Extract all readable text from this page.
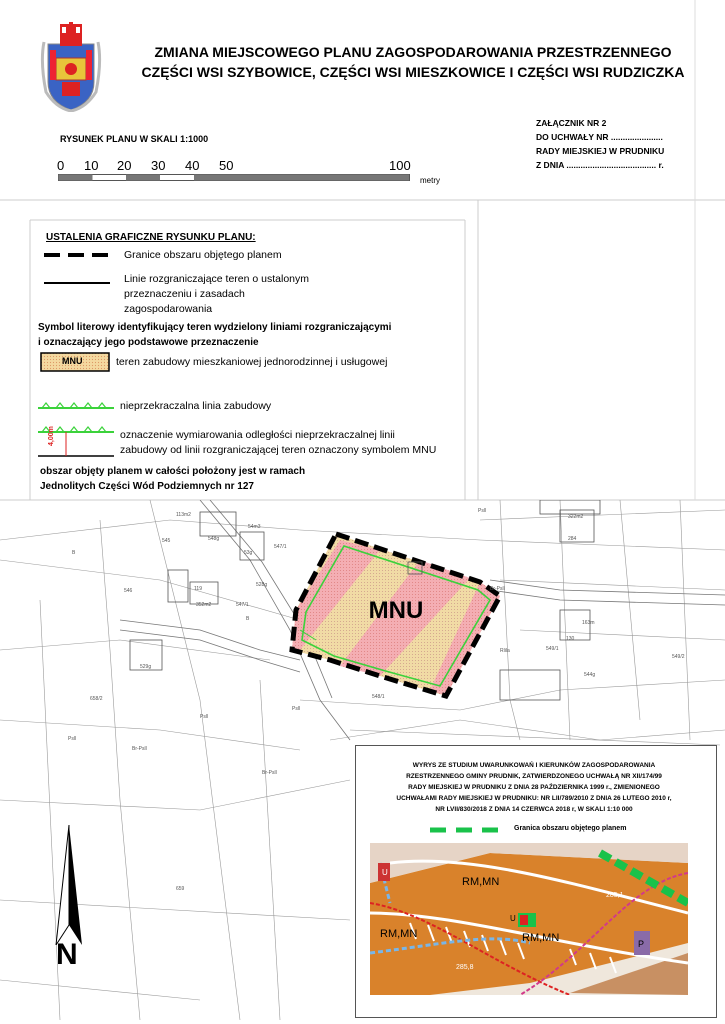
ZMIANA MIEJSCOWEGO PLANU ZAGOSPODAROWANIA PRZESTRZENNEGO
CZĘŚCI WSI SZYBOWICE, CZĘŚCI WSI MIESZKOWICE I CZĘŚCI WSI RUDZICZKA
ZAŁĄCZNIK NR 2
DO UCHWAŁY NR ......................
RADY MIEJSKIEJ W PRUDNIKU
Z DNIA ...................................... r.
RYSUNEK PLANU W SKALI 1:1000
0 10 20 30 40 50	100
metry
USTALENIA GRAFICZNE RYSUNKU PLANU:
Granice obszaru objętego planem
Linie rozgraniczające teren o ustalonym
przeznaczeniu i zasadach
zagospodarowania
Symbol literowy identyfikujący teren wydzielony liniami rozgraniczającymi
i oznaczający jego podstawowe przeznaczenie
MNU	teren zabudowy mieszkaniowej jednorodzinnej i usługowej
nieprzekraczalna linia zabudowy
4,00m	oznaczenie wymiarowania odległości nieprzekraczalnej linii
zabudowy od linii rozgraniczającej teren oznaczony symbolem MNU
obszar objęty planem w całości położony jest w ramach
Jednolitych Części Wód Podziemnych nr 127
113m2
54m3
548g
53g
547/1
528g
546	119
352m2	547/1
529g
658/2
Psll
Br-Psll
659
Psll
Br-Psll
322m2
284
163m
130
549/2
549/1
544g
Rlila
Psll
Br-Psll
B
B
Psll
545
548/1
MNU
WYRYS ZE STUDIUM UWARUNKOWAŃ I KIERUNKÓW ZAGOSPODAROWANIA
RZESTRZENNEGO GMINY PRUDNIK, ZATWIERDZONEGO UCHWAŁĄ NR XII/174/99
RADY MIEJSKIEJ W PRUDNIKU Z DNIA 28 PAŹDZIERNIKA 1999 r., ZMIENIONEGO
UCHWAŁAMI RADY MIEJSKIEJ W PRUDNIKU: NR LII/789/2010 Z DNIA 26 LUTEGO 2010 r,
NR LVII/830/2018 Z DNIA 14 CZERWCA 2018 r, W SKALI 1:10 000
Granica obszaru objętego planem
RM,MN
RM,MN	RM,MN
U
U
P
285,1
285,8
N
